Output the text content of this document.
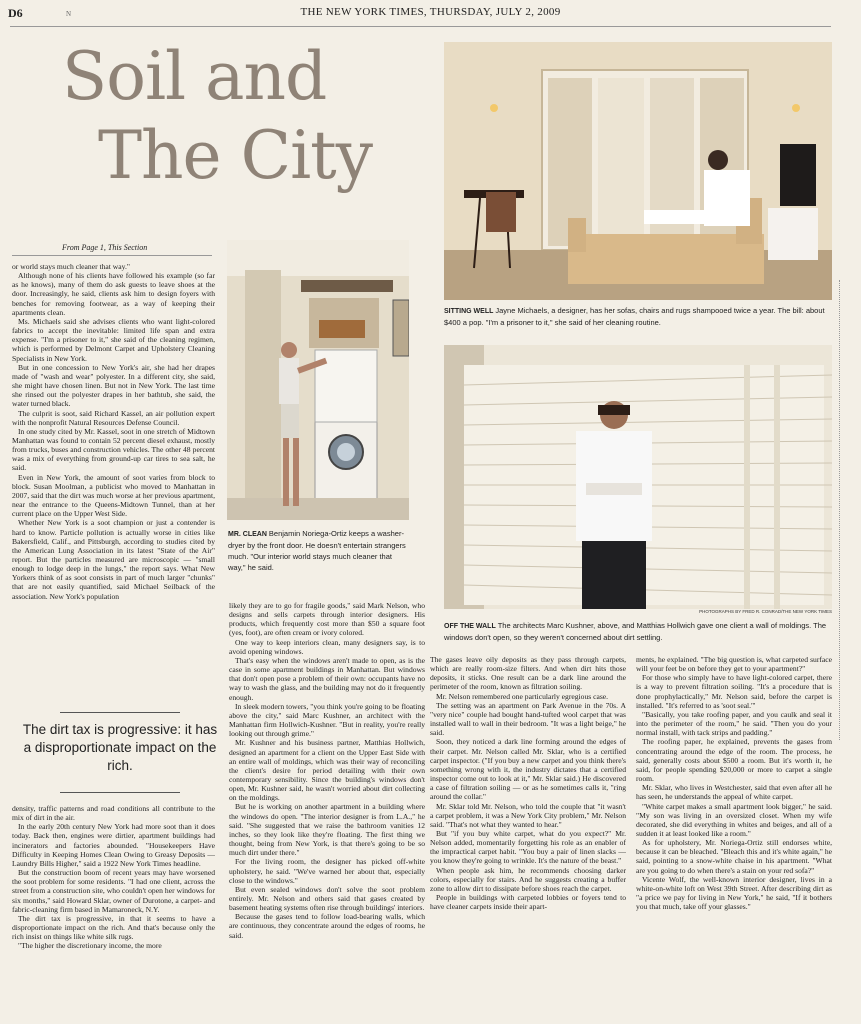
D6	N	THE NEW YORK TIMES, THURSDAY, JULY 2, 2009
Soil and
The City
From Page 1, This Section

or world stays much cleaner that way."

Although none of his clients have followed his example (so far as he knows), many of them do ask guests to leave shoes at the door. Increasingly, he said, clients ask him to design foyers with benches for removing footwear, as a way of keeping their apartments clean.

Ms. Michaels said she advises clients who want light-colored fabrics to accept the inevitable: limited life span and extra expense. "I'm a prisoner to it," she said of the cleaning regimen, which is performed by Delmont Carpet and Upholstery Cleaning Specialists in New York.

But in one concession to New York's air, she had her drapes made of "wash and wear" polyester. In a different city, she said, she might have chosen linen. But not in New York. The last time she rinsed out the polyester drapes in her bathtub, she said, the water turned black.

The culprit is soot, said Richard Kassel, an air pollution expert with the nonprofit Natural Resources Defense Council.

In one study cited by Mr. Kassel, soot in one stretch of Midtown Manhattan was found to contain 52 percent diesel exhaust, mostly from trucks, buses and construction vehicles. The other 48 percent was a mix of everything from ground-up car tires to sea salt, he said.

Even in New York, the amount of soot varies from block to block. Susan Moolman, a publicist who moved to Manhattan in 2007, said that the dirt was much worse at her previous apartment, near the entrance to the Queens-Midtown Tunnel, than at her current place on the Upper West Side.

Whether New York is a soot champion or just a contender is hard to know. Particle pollution is actually worse in cities like Bakersfield, Calif., and Pittsburgh, according to studies cited by the American Lung Association in its latest "State of the Air" report. But the particles measured are microscopic — "small enough to lodge deep in the lungs," the report says. What New Yorkers think of as soot consists in part of much larger "chunks" that are not easily quantified, said Michael Seilback of the association. New York's population

The dirt tax is progressive: it has a disproportionate impact on the rich.

density, traffic patterns and road conditions all contribute to the mix of dirt in the air.

In the early 20th century New York had more soot than it does today. Back then, engines were dirtier, apartment buildings had incinerators and factories abounded. "Housekeepers Have Difficulty in Keeping Homes Clean Owing to Greasy Deposits — Laundry Bills Higher," said a 1922 New York Times headline.

But the construction boom of recent years may have worsened the soot problem for some residents. "I had one client, across the street from a construction site, who couldn't open her windows for six months," said Howard Sklar, owner of Durotone, a carpet- and fabric-cleaning firm based in Mamaroneck, N.Y.

The dirt tax is progressive, in that it seems to have a disproportionate impact on the rich. And that's because only the rich insist on things like white silk rugs.

"The higher the discretionary income, the more

MR. CLEAN Benjamin Noriega-Ortiz keeps a washer-dryer by the front door. He doesn't entertain strangers much. "Our interior world stays much cleaner that way," he said.
SITTING WELL Jayne Michaels, a designer, has her sofas, chairs and rugs shampooed twice a year. The bill: about $400 a pop. "I'm a prisoner to it," she said of her cleaning routine.
PHOTOGRAPHS BY FRED R. CONRAD/THE NEW YORK TIMES
OFF THE WALL The architects Marc Kushner, above, and Matthias Hollwich gave one client a wall of moldings. The windows don't open, so they weren't concerned about dirt settling.

likely they are to go for fragile goods," said Mark Nelson, who designs and sells carpets through interior designers. His products, which frequently cost more than $50 a square foot (yes, foot), are often cream or ivory colored.

One way to keep interiors clean, many designers say, is to avoid opening windows.

That's easy when the windows aren't made to open, as is the case in some apartment buildings in Manhattan. But windows that don't open pose a problem of their own: occupants have no way to wash the glass, and the building may not do it frequently enough.

In sleek modern towers, "you think you're going to be floating above the city," said Marc Kushner, an architect with the Manhattan firm Hollwich-Kushner. "But in reality, you're really looking out through grime."

Mr. Kushner and his business partner, Matthias Hollwich, designed an apartment for a client on the Upper East Side with an entire wall of moldings, which was their way of reconciling the client's desire for period detailing with their own contemporary sensibility. Since the building's windows don't open, Mr. Kushner said, he wasn't worried about dirt collecting on the moldings.

But he is working on another apartment in a building where the windows do open. "The interior designer is from L.A.," he said. "She suggested that we raise the bathroom vanities 12 inches, so they look like they're floating. The first thing we thought, being from New York, is that there's going to be so much dirt under there."

For the living room, the designer has picked off-white upholstery, he said. "We've warned her about that, especially close to the windows."

But even sealed windows don't solve the soot problem entirely. Mr. Nelson and others said that gases created by basement heating systems often rise through buildings' interiors.

Because the gases tend to follow load-bearing walls, which are continuous, they concentrate around the edges of rooms, he said.

The gases leave oily deposits as they pass through carpets, which are really room-size filters. And when dirt hits those deposits, it sticks. One result can be a dark line around the perimeter of the room, known as filtration soiling.

Mr. Nelson remembered one particularly egregious case.

The setting was an apartment on Park Avenue in the 70s. A "very nice" couple had bought hand-tufted wool carpet that was installed wall to wall in their bedroom. "It was a light beige," he said.

Soon, they noticed a dark line forming around the edges of their carpet. Mr. Nelson called Mr. Sklar, who is a certified carpet inspector. ("If you buy a new carpet and you think there's something wrong with it, the industry dictates that a certified inspector come out to look at it," Mr. Sklar said.) He discovered a case of filtration soiling — or as he sometimes calls it, "ring around the collar."

Mr. Sklar told Mr. Nelson, who told the couple that "it wasn't a carpet problem, it was a New York City problem," Mr. Nelson said. "That's not what they wanted to hear."

But "if you buy white carpet, what do you expect?" Mr. Nelson added, momentarily forgetting his role as an enabler of the impractical carpet habit. "You buy a pair of linen slacks — you know they're going to wrinkle. It's the nature of the beast."

When people ask him, he recommends choosing darker colors, especially for stairs. And he suggests creating a buffer zone to allow dirt to dissipate before shoes reach the carpet.

People in buildings with carpeted lobbies or foyers tend to have cleaner carpets inside their apart-

ments, he explained. "The big question is, what carpeted surface will your feet be on before they get to your apartment?"

For those who simply have to have light-colored carpet, there is a way to prevent filtration soiling. "It's a procedure that is done prophylactically," Mr. Nelson said, before the carpet is installed. "It's referred to as 'soot seal.'"

"Basically, you take roofing paper, and you caulk and seal it into the perimeter of the room," he said. "Then you do your normal install, with tack strips and padding."

The roofing paper, he explained, prevents the gases from concentrating around the edge of the room. The process, he said, generally costs about $500 a room. But it's worth it, he said, for people spending $20,000 or more to carpet a single room.

Mr. Sklar, who lives in Westchester, said that even after all he has seen, he understands the appeal of white carpet.

"White carpet makes a small apartment look bigger," he said. "My son was living in an oversized closet. When my wife decorated, she did everything in whites and beiges, and all of a sudden it at least looked like a room."

As for upholstery, Mr. Noriega-Ortiz still endorses white, because it can be bleached. "Bleach this and it's white again," he said, pointing to a snow-white chaise in his apartment. "What are you going to do when there's a stain on your red sofa?"

Vicente Wolf, the well-known interior designer, lives in a white-on-white loft on West 39th Street. After describing dirt as "a price we pay for living in New York," he said, "If it bothers you that much, take off your glasses."
